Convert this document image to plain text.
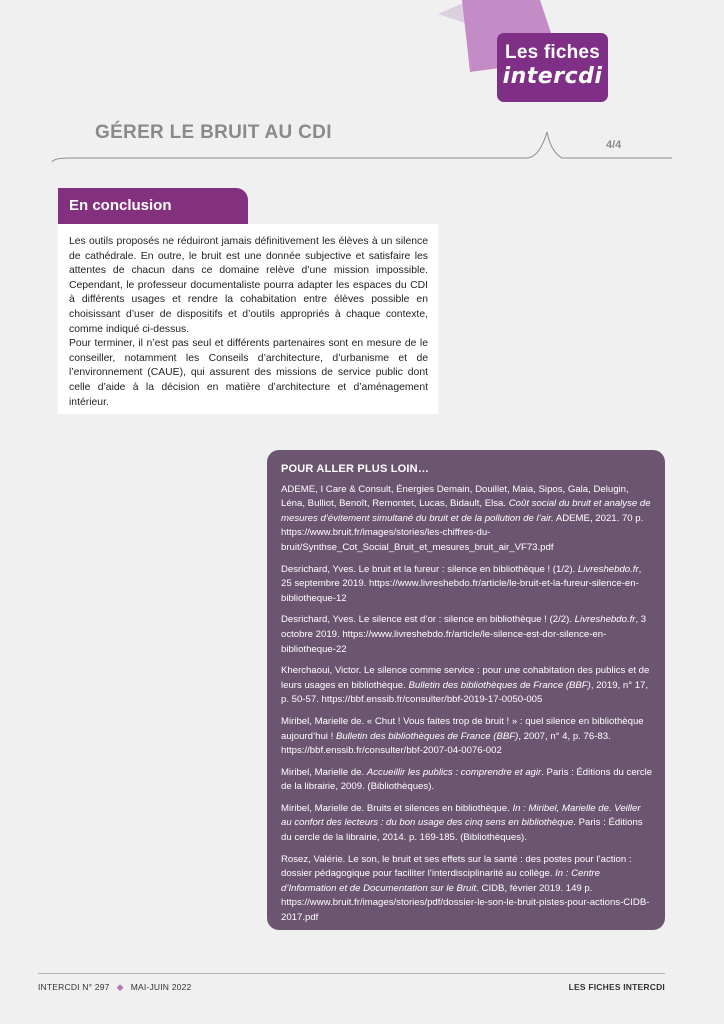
Les fiches
intercdi
GÉRER LE BRUIT AU CDI
4/4
En conclusion

Les outils proposés ne réduiront jamais définitivement les élèves à un silence de cathédrale. En outre, le bruit est une donnée subjective et satisfaire les attentes de chacun dans ce domaine relève d’une mission impossible. Cependant, le professeur documentaliste pourra adapter les espaces du CDI à différents usages et rendre la cohabitation entre élèves possible en choisissant d’user de dispositifs et d’outils appropriés à chaque contexte, comme indiqué ci-dessus.

Pour terminer, il n’est pas seul et différents partenaires sont en mesure de le conseiller, notamment les Conseils d’architecture, d’urbanisme et de l’environnement (CAUE), qui assurent des missions de service public dont celle d’aide à la décision en matière d’architecture et d’aménagement intérieur.

POUR ALLER PLUS LOIN…

ADEME, I Care & Consult, Énergies Demain, Douillet, Maia, Sipos, Gala, Delugin, Léna, Bulliot, Benoît, Remontet, Lucas, Bidault, Elsa. Coût social du bruit et analyse de mesures d’évitement simultané du bruit et de la pollution de l’air. ADEME, 2021. 70 p. https://www.bruit.fr/images/stories/les-chiffres-du-bruit/Synthse_Cot_Social_Bruit_et_mesures_bruit_air_VF73.pdf

Desrichard, Yves. Le bruit et la fureur : silence en bibliothèque ! (1/2). Livreshebdo.fr, 25 septembre 2019. https://www.livreshebdo.fr/article/le-bruit-et-la-fureur-silence-en-bibliotheque-12

Desrichard, Yves. Le silence est d’or : silence en bibliothèque ! (2/2). Livreshebdo.fr, 3 octobre 2019. https://www.livreshebdo.fr/article/le-silence-est-dor-silence-en-bibliotheque-22

Kherchaoui, Victor. Le silence comme service : pour une cohabitation des publics et de leurs usages en bibliothèque. Bulletin des bibliothèques de France (BBF), 2019, n° 17, p. 50-57. https://bbf.enssib.fr/consulter/bbf-2019-17-0050-005

Miribel, Marielle de. « Chut ! Vous faites trop de bruit ! » : quel silence en bibliothèque aujourd’hui ! Bulletin des bibliothèques de France (BBF), 2007, n° 4, p. 76-83. https://bbf.enssib.fr/consulter/bbf-2007-04-0076-002

Miribel, Marielle de. Accueillir les publics : comprendre et agir. Paris : Éditions du cercle de la librairie, 2009. (Bibliothèques).

Miribel, Marielle de. Bruits et silences en bibliothèque. In : Miribel, Marielle de. Veiller au confort des lecteurs : du bon usage des cinq sens en bibliothèque. Paris : Éditions du cercle de la librairie, 2014. p. 169-185. (Bibliothèques).

Rosez, Valérie. Le son, le bruit et ses effets sur la santé : des postes pour l’action : dossier pédagogique pour faciliter l’interdisciplinarité au collège. In : Centre d’Information et de Documentation sur le Bruit. CIDB, février 2019. 149 p. https://www.bruit.fr/images/stories/pdf/dossier-le-son-le-bruit-pistes-pour-actions-CIDB-2017.pdf

INTERCDI N° 297 ◆ MAI-JUIN 2022	LES FICHES INTERCDI
